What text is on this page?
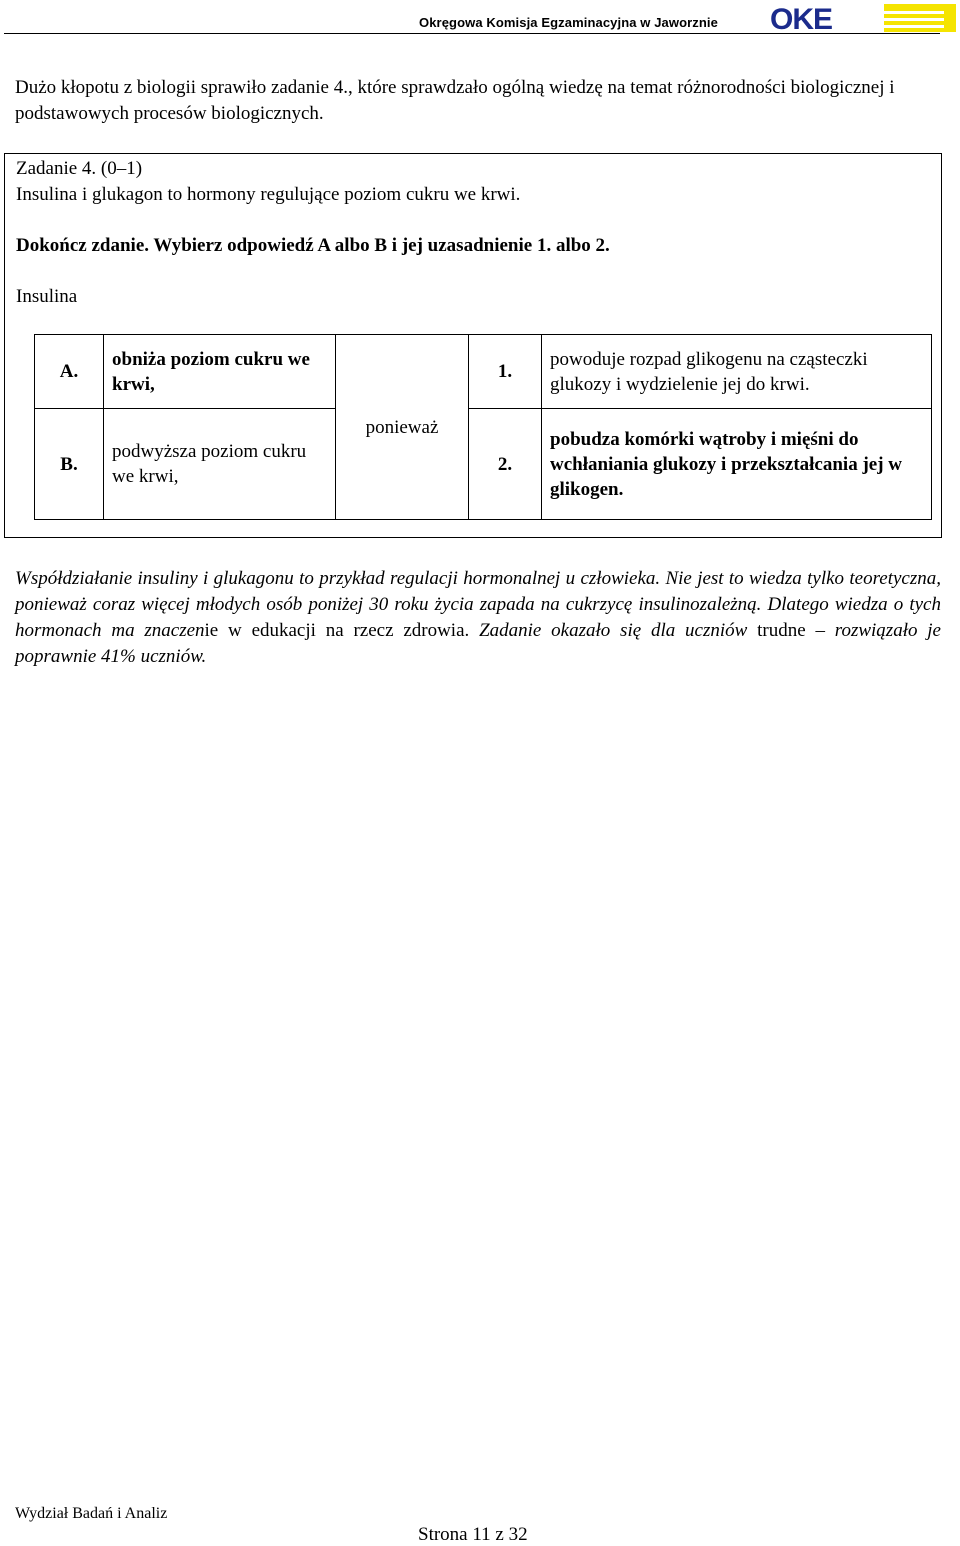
Okręgowa Komisja Egzaminacyjna w Jaworznie OKE
Dużo kłopotu z biologii sprawiło zadanie 4., które sprawdzało ogólną wiedzę na temat różnorodności biologicznej i podstawowych procesów biologicznych.
Zadanie 4. (0–1)
Insulina i glukagon to hormony regulujące poziom cukru we krwi.
Dokończ zdanie. Wybierz odpowiedź A albo B i jej uzasadnienie 1. albo 2.
Insulina
A.	obniża poziom cukru we krwi,	ponieważ	1.	powoduje rozpad glikogenu na cząsteczki glukozy i wydzielenie jej do krwi.
B.	podwyższa poziom cukru we krwi,		2.	pobudza komórki wątroby i mięśni do wchłaniania glukozy i przekształcania jej w glikogen.
Współdziałanie insuliny i glukagonu to przykład regulacji hormonalnej u człowieka. Nie jest to wiedza tylko teoretyczna, ponieważ coraz więcej młodych osób poniżej 30 roku życia zapada na cukrzycę insulinozależną. Dlatego wiedza o tych hormonach ma znaczenie w edukacji na rzecz zdrowia. Zadanie okazało się dla uczniów trudne – rozwiązało je poprawnie 41% uczniów.
Wydział Badań i Analiz
Strona 11 z 32
